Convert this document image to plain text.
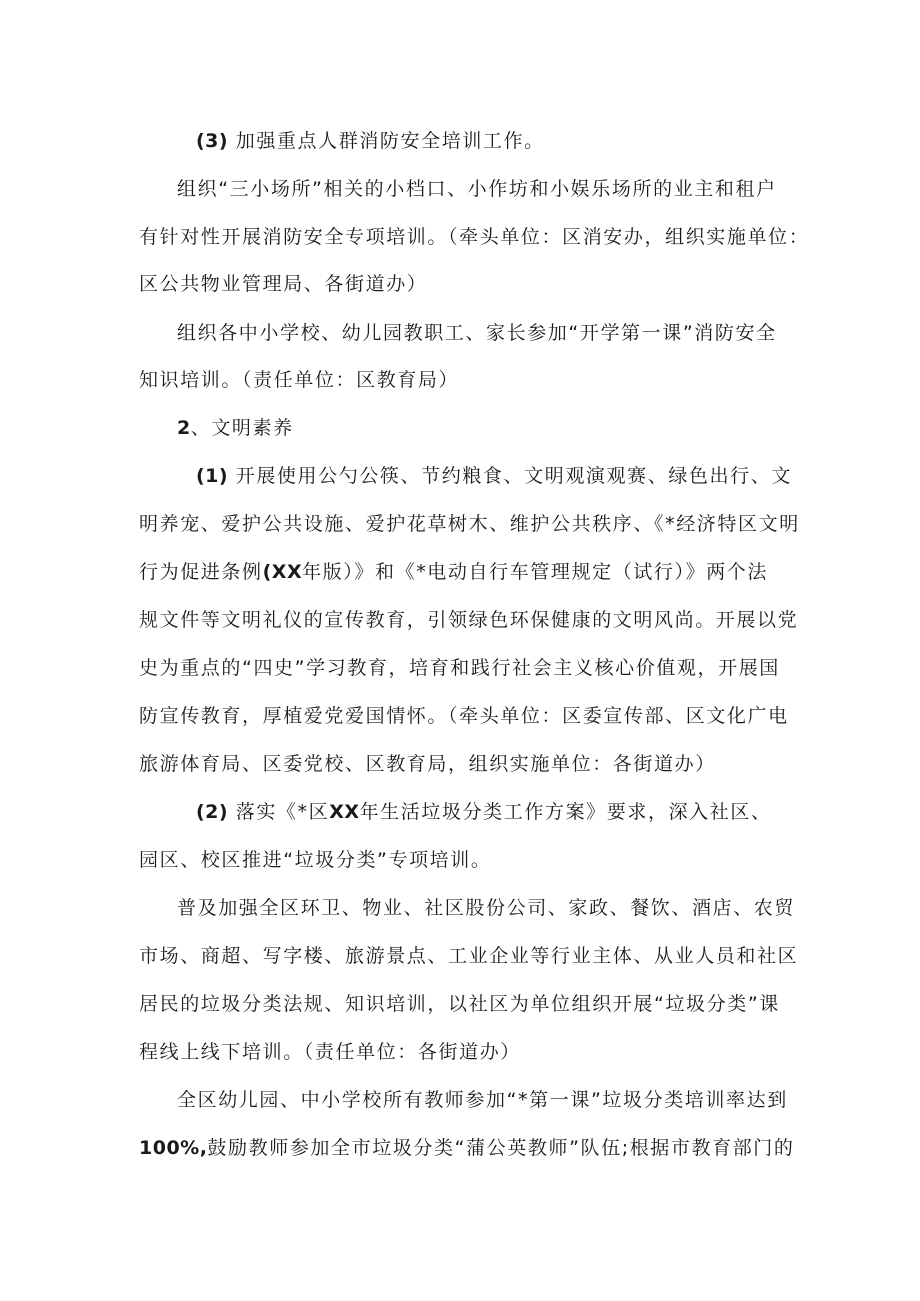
(3) 加强重点人群消防安全培训工作。
组织“三小场所”相关的小档口、小作坊和小娱乐场所的业主和租户
有针对性开展消防安全专项培训。（牵头单位：区消安办，组织实施单位：
区公共物业管理局、各街道办）
组织各中小学校、幼儿园教职工、家长参加“开学第一课”消防安全
知识培训。（责任单位：区教育局）
2、文明素养
(1) 开展使用公勺公筷、节约粮食、文明观演观赛、绿色出行、文
明养宠、爱护公共设施、爱护花草树木、维护公共秩序、《*经济特区文明
行为促进条例(XX年版）》和《*电动自行车管理规定（试行）》两个法
规文件等文明礼仪的宣传教育，引领绿色环保健康的文明风尚。开展以党
史为重点的“四史”学习教育，培育和践行社会主义核心价值观，开展国
防宣传教育，厚植爱党爱国情怀。（牵头单位：区委宣传部、区文化广电
旅游体育局、区委党校、区教育局，组织实施单位：各街道办）
(2) 落实《*区XX年生活垃圾分类工作方案》要求，深入社区、
园区、校区推进“垃圾分类”专项培训。
普及加强全区环卫、物业、社区股份公司、家政、餐饮、酒店、农贸
市场、商超、写字楼、旅游景点、工业企业等行业主体、从业人员和社区
居民的垃圾分类法规、知识培训，以社区为单位组织开展“垃圾分类”课
程线上线下培训。（责任单位：各街道办）
全区幼儿园、中小学校所有教师参加“*第一课”垃圾分类培训率达到
100%,鼓励教师参加全市垃圾分类“蒲公英教师”队伍;根据市教育部门的
